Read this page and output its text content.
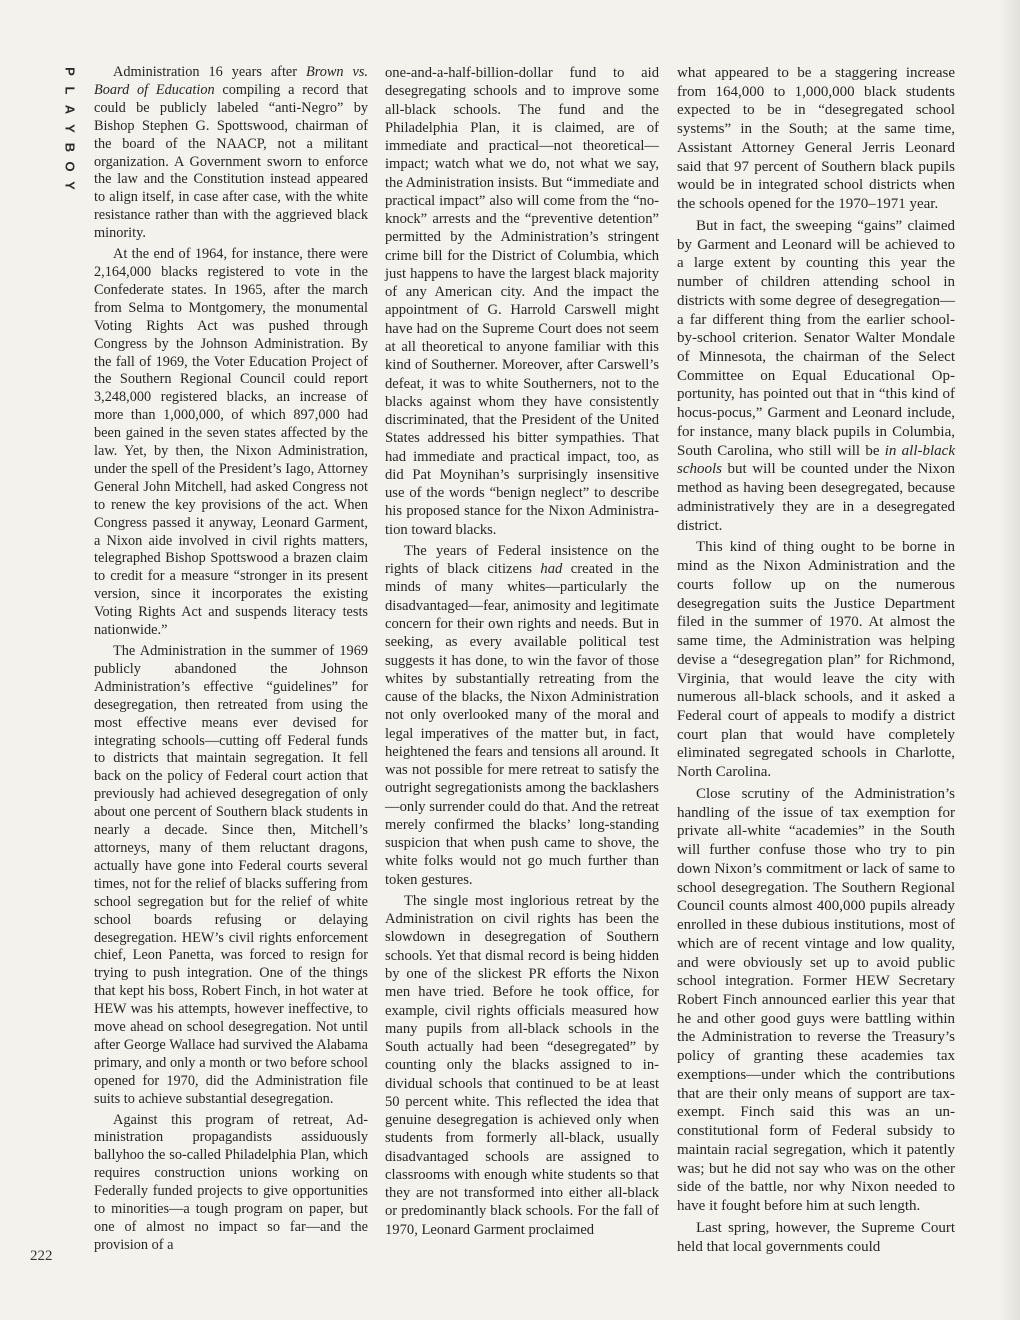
P
L
A
Y
B
O
Y

Administration 16 years after Brown vs. Board of Education compiling a record that could be publicly labeled “anti-Negro” by Bishop Stephen G. Spottswood, chairman of the board of the NAACP, not a militant organization. A Government sworn to enforce the law and the Constitution instead appeared to align itself, in case after case, with the white resistance rather than with the aggrieved black minority.

At the end of 1964, for instance, there were 2,164,000 blacks registered to vote in the Confederate states. In 1965, after the march from Selma to Montgomery, the monumental Voting Rights Act was pushed through Congress by the Johnson Administration. By the fall of 1969, the Voter Education Project of the Southern Regional Council could report 3,248,000 registered blacks, an increase of more than 1,000,000, of which 897,000 had been gained in the seven states affected by the law. Yet, by then, the Nixon Administration, under the spell of the President’s Iago, Attorney General John Mitchell, had asked Congress not to renew the key provisions of the act. When Congress passed it anyway, Leonard Garment, a Nixon aide involved in civil rights matters, telegraphed Bishop Spottswood a brazen claim to credit for a measure “stronger in its present version, since it incorporates the existing Voting Rights Act and suspends literacy tests nationwide.”

The Administration in the summer of 1969 publicly abandoned the Johnson Administration’s effective “guidelines” for desegregation, then retreated from using the most effective means ever devised for integrating schools—cutting off Federal funds to districts that maintain segregation. It fell back on the policy of Federal court action that previously had achieved desegregation of only about one percent of Southern black students in nearly a decade. Since then, Mitchell’s attorneys, many of them reluctant dragons, actually have gone into Federal courts several times, not for the relief of blacks suffering from school segregation but for the relief of white school boards refusing or delaying desegregation. HEW’s civil rights enforcement chief, Leon Panetta, was forced to resign for trying to push integration. One of the things that kept his boss, Robert Finch, in hot water at HEW was his attempts, however ineffective, to move ahead on school desegregation. Not until after George Wallace had survived the Alabama primary, and only a month or two before school opened for 1970, did the Administration file suits to achieve substantial desegregation.

Against this program of retreat, Administration propagandists assiduously ballyhoo the so-called Philadelphia Plan, which requires construction unions working on Federally funded projects to give opportunities to minorities—a tough program on paper, but one of almost no impact so far—and the provision of a

one-and-a-half-billion-dollar fund to aid desegregating schools and to improve some all-black schools. The fund and the Philadelphia Plan, it is claimed, are of immediate and practical—not theoretical—impact; watch what we do, not what we say, the Administration insists. But “immediate and practical impact” also will come from the “no-knock” arrests and the “preventive detention” permitted by the Administration’s stringent crime bill for the District of Columbia, which just happens to have the largest black majority of any American city. And the impact the appointment of G. Harrold Carswell might have had on the Supreme Court does not seem at all theoretical to anyone familiar with this kind of Southerner. Moreover, after Carswell’s defeat, it was to white Southerners, not to the blacks against whom they have consistently discriminated, that the President of the United States addressed his bitter sympathies. That had immediate and practical impact, too, as did Pat Moynihan’s surprisingly insensitive use of the words “benign neglect” to describe his proposed stance for the Nixon Administration toward blacks.

The years of Federal insistence on the rights of black citizens had created in the minds of many whites—particularly the disadvantaged—fear, animosity and legitimate concern for their own rights and needs. But in seeking, as every available political test suggests it has done, to win the favor of those whites by substantially retreating from the cause of the blacks, the Nixon Administration not only overlooked many of the moral and legal imperatives of the matter but, in fact, heightened the fears and tensions all around. It was not possible for mere retreat to satisfy the outright segregationists among the backlashers—only surrender could do that. And the retreat merely confirmed the blacks’ long-standing suspicion that when push came to shove, the white folks would not go much further than token gestures.

The single most inglorious retreat by the Administration on civil rights has been the slowdown in desegregation of Southern schools. Yet that dismal record is being hidden by one of the slickest PR efforts the Nixon men have tried. Before he took office, for example, civil rights officials measured how many pupils from all-black schools in the South actually had been “desegregated” by counting only the blacks assigned to individual schools that continued to be at least 50 percent white. This reflected the idea that genuine desegregation is achieved only when students from formerly all-black, usually disadvantaged schools are assigned to classrooms with enough white students so that they are not transformed into either all-black or predominantly black schools. For the fall of 1970, Leonard Garment proclaimed

what appeared to be a staggering increase from 164,000 to 1,000,000 black students expected to be in “desegregated school systems” in the South; at the same time, Assistant Attorney General Jerris Leonard said that 97 percent of Southern black pupils would be in integrated school districts when the schools opened for the 1970–1971 year.

But in fact, the sweeping “gains” claimed by Garment and Leonard will be achieved to a large extent by counting this year the number of children attending school in districts with some degree of desegregation—a far different thing from the earlier school-by-school criterion. Senator Walter Mondale of Minnesota, the chairman of the Select Committee on Equal Educational Opportunity, has pointed out that in “this kind of hocus-pocus,” Garment and Leonard include, for instance, many black pupils in Columbia, South Carolina, who still will be in all-black schools but will be counted under the Nixon method as having been desegregated, because administratively they are in a desegregated district.

This kind of thing ought to be borne in mind as the Nixon Administration and the courts follow up on the numerous desegregation suits the Justice Department filed in the summer of 1970. At almost the same time, the Administration was helping devise a “desegregation plan” for Richmond, Virginia, that would leave the city with numerous all-black schools, and it asked a Federal court of appeals to modify a district court plan that would have completely eliminated segregated schools in Charlotte, North Carolina.

Close scrutiny of the Administration’s handling of the issue of tax exemption for private all-white “academies” in the South will further confuse those who try to pin down Nixon’s commitment or lack of same to school desegregation. The Southern Regional Council counts almost 400,000 pupils already enrolled in these dubious institutions, most of which are of recent vintage and low quality, and were obviously set up to avoid public school integration. Former HEW Secretary Robert Finch announced earlier this year that he and other good guys were battling within the Administration to reverse the Treasury’s policy of granting these academies tax exemptions—under which the contributions that are their only means of support are tax-exempt. Finch said this was an unconstitutional form of Federal subsidy to maintain racial segregation, which it patently was; but he did not say who was on the other side of the battle, nor why Nixon needed to have it fought before him at such length.

Last spring, however, the Supreme Court held that local governments could

222
